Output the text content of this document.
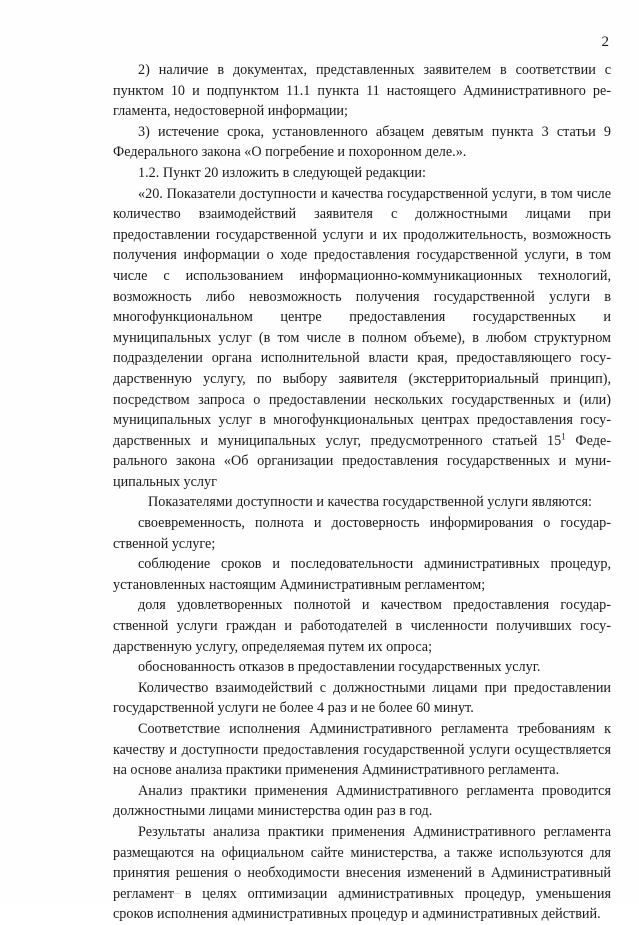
2

2) наличие в документах, представленных заявителем в соответствии с пунктом 10 и подпунктом 11.1 пункта 11 настоящего Административного регламента, недостоверной информации;

3) истечение срока, установленного абзацем девятым пункта 3 статьи 9 Федерального закона «О погребение и похоронном деле.».

1.2. Пункт 20 изложить в следующей редакции:

«20. Показатели доступности и качества государственной услуги, в том числе количество взаимодействий заявителя с должностными лицами при предоставлении государственной услуги и их продолжительность, возможность получения информации о ходе предоставления государственной услуги, в том числе с использованием информационно-коммуникационных технологий, возможность либо невозможность получения государственной услуги в многофункциональном центре предоставления государственных и муниципальных услуг (в том числе в полном объеме), в любом структурном подразделении органа исполнительной власти края, предоставляющего государственную услугу, по выбору заявителя (экстерриториальный принцип), посредством запроса о предоставлении нескольких государственных и (или) муниципальных услуг в многофункциональных центрах предоставления государственных и муниципальных услуг, предусмотренного статьей $15^1$ Федерального закона «Об организации предоставления государственных и муниципальных услуг

Показателями доступности и качества государственной услуги являются:

своевременность, полнота и достоверность информирования о государственной услуге;

соблюдение сроков и последовательности административных процедур, установленных настоящим Административным регламентом;

доля удовлетворенных полнотой и качеством предоставления государственной услуги граждан и работодателей в численности получивших государственную услугу, определяемая путем их опроса;

обоснованность отказов в предоставлении государственных услуг.

Количество взаимодействий с должностными лицами при предоставлении государственной услуги не более 4 раз и не более 60 минут.

Соответствие исполнения Административного регламента требованиям к качеству и доступности предоставления государственной услуги осуществляется на основе анализа практики применения Административного регламента.

Анализ практики применения Административного регламента проводится должностными лицами министерства один раз в год.

Результаты анализа практики применения Административного регламента размещаются на официальном сайте министерства, а также используются для принятия решения о необходимости внесения изменений в Административный регламент в целях оптимизации административных процедур, уменьшения сроков исполнения административных процедур и административных действий.
